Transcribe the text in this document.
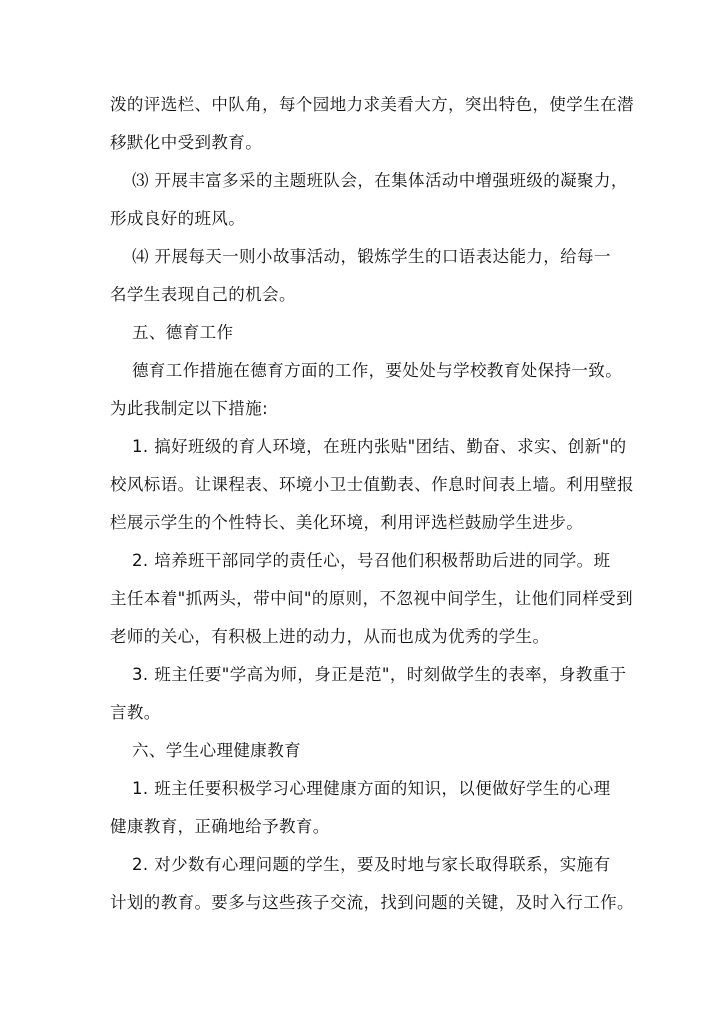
泼的评选栏、中队角，每个园地力求美看大方，突出特色，使学生在潜
移默化中受到教育。
⑶ 开展丰富多采的主题班队会，在集体活动中增强班级的凝聚力，
形成良好的班风。
⑷ 开展每天一则小故事活动，锻炼学生的口语表达能力，给每一
名学生表现自己的机会。
五、德育工作
德育工作措施在德育方面的工作，要处处与学校教育处保持一致。
为此我制定以下措施:
1. 搞好班级的育人环境，在班内张贴"团结、勤奋、求实、创新"的
校风标语。让课程表、环境小卫士值勤表、作息时间表上墙。利用壁报
栏展示学生的个性特长、美化环境，利用评选栏鼓励学生进步。
2. 培养班干部同学的责任心，号召他们积极帮助后进的同学。班
主任本着"抓两头，带中间"的原则，不忽视中间学生，让他们同样受到
老师的关心，有积极上进的动力，从而也成为优秀的学生。
3. 班主任要"学高为师，身正是范"，时刻做学生的表率，身教重于
言教。
六、学生心理健康教育
1. 班主任要积极学习心理健康方面的知识，以便做好学生的心理
健康教育，正确地给予教育。
2. 对少数有心理问题的学生，要及时地与家长取得联系，实施有
计划的教育。要多与这些孩子交流，找到问题的关键，及时入行工作。
